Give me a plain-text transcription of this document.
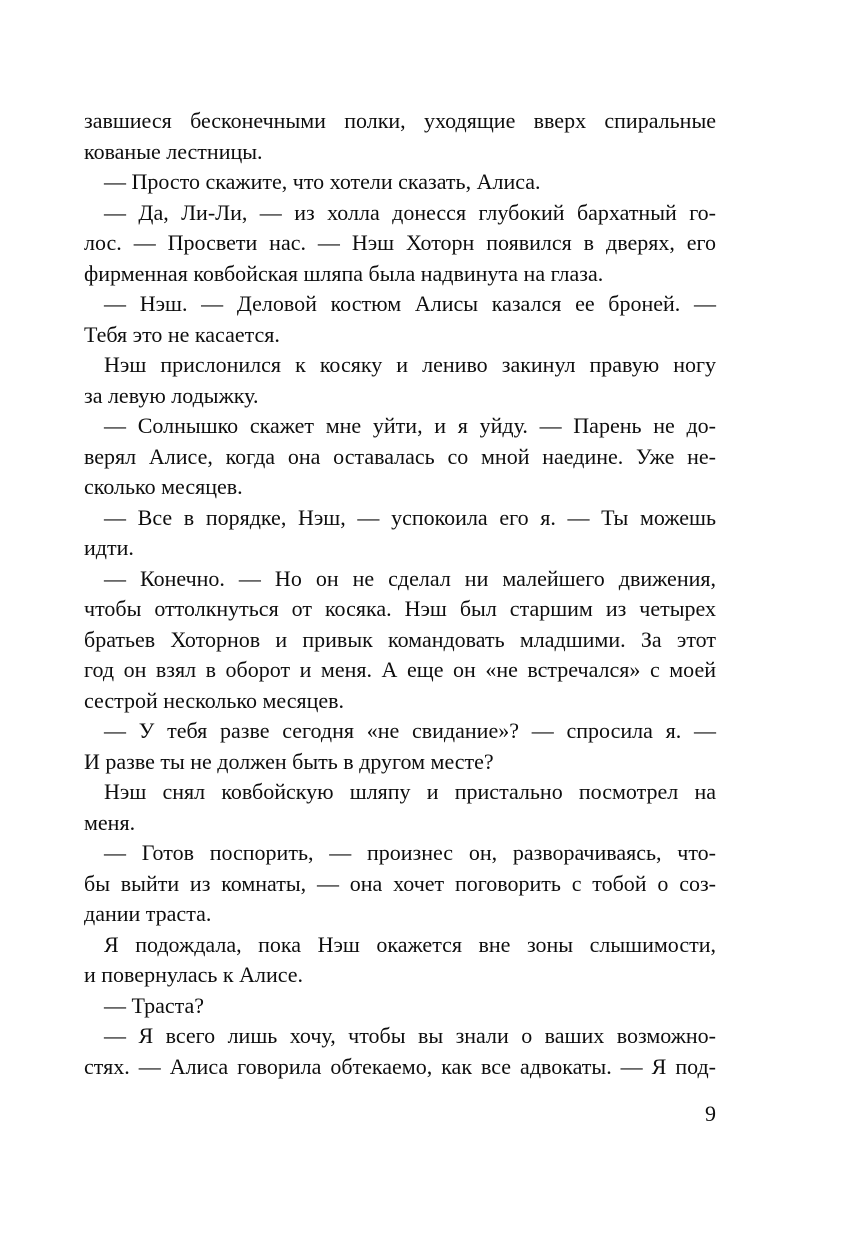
завшиеся бесконечными полки, уходящие вверх спиральные
кованые лестницы.
— Просто скажите, что хотели сказать, Алиса.
— Да, Ли-Ли, — из холла донесся глубокий бархатный го-
лос. — Просвети нас. — Нэш Хоторн появился в дверях, его
фирменная ковбойская шляпа была надвинута на глаза.
— Нэш. — Деловой костюм Алисы казался ее броней. —
Тебя это не касается.
Нэш прислонился к косяку и лениво закинул правую ногу
за левую лодыжку.
— Солнышко скажет мне уйти, и я уйду. — Парень не до-
верял Алисе, когда она оставалась со мной наедине. Уже не-
сколько месяцев.
— Все в порядке, Нэш, — успокоила его я. — Ты можешь
идти.
— Конечно. — Но он не сделал ни малейшего движения,
чтобы оттолкнуться от косяка. Нэш был старшим из четырех
братьев Хоторнов и привык командовать младшими. За этот
год он взял в оборот и меня. А еще он «не встречался» с моей
сестрой несколько месяцев.
— У тебя разве сегодня «не свидание»? — спросила я. —
И разве ты не должен быть в другом месте?
Нэш снял ковбойскую шляпу и пристально посмотрел на
меня.
— Готов поспорить, — произнес он, разворачиваясь, что-
бы выйти из комнаты, — она хочет поговорить с тобой о соз-
дании траста.
Я подождала, пока Нэш окажется вне зоны слышимости,
и повернулась к Алисе.
— Траста?
— Я всего лишь хочу, чтобы вы знали о ваших возможно-
стях. — Алиса говорила обтекаемо, как все адвокаты. — Я под-
9
